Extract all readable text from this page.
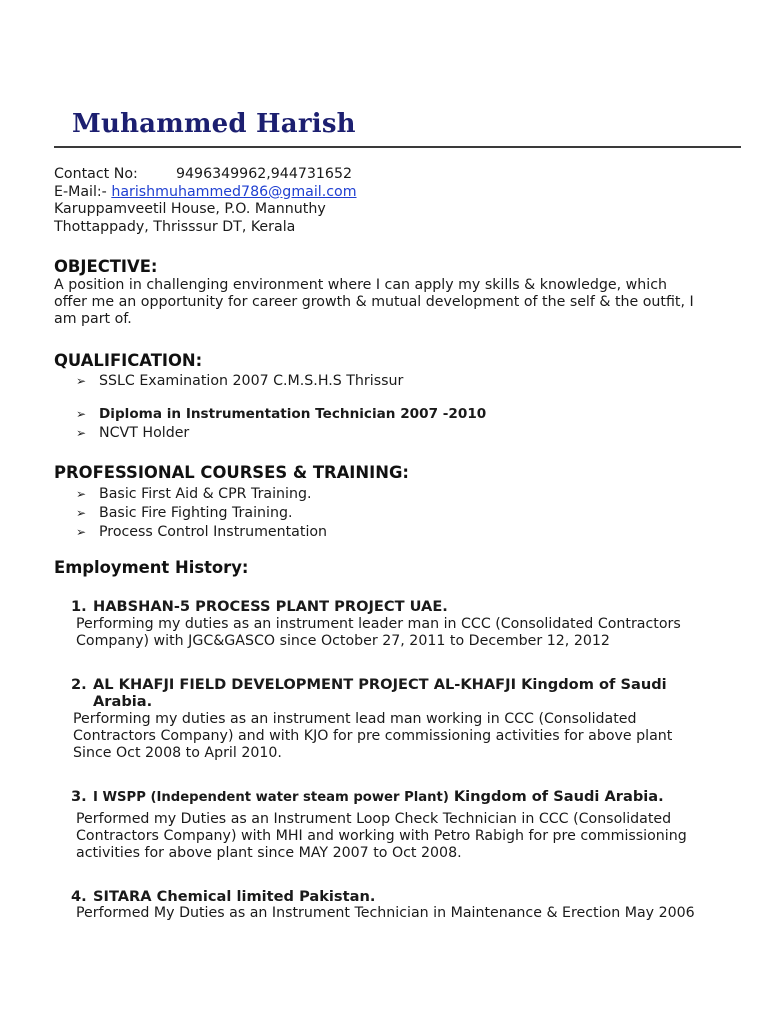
Muhammed Harish
Contact No:	9496349962,944731652
E-Mail:- harishmuhammed786@gmail.com
Karuppamveetil House, P.O. Mannuthy
Thottappady, Thrisssur DT, Kerala
OBJECTIVE:
A position in challenging environment where I can apply my skills & knowledge, which
offer me an opportunity for career growth & mutual development of the self & the outfit, I
am part of.
QUALIFICATION:
➢ SSLC Examination 2007 C.M.S.H.S Thrissur
➢ Diploma in Instrumentation Technician 2007 -2010
➢ NCVT Holder
PROFESSIONAL COURSES & TRAINING:
➢ Basic First Aid & CPR Training.
➢ Basic Fire Fighting Training.
➢ Process Control Instrumentation
Employment History:
1. HABSHAN-5 PROCESS PLANT PROJECT UAE.
Performing my duties as an instrument leader man in CCC (Consolidated Contractors
Company) with JGC&GASCO since October 27, 2011 to December 12, 2012
2. AL KHAFJI FIELD DEVELOPMENT PROJECT AL-KHAFJI Kingdom of Saudi
Arabia.
Performing my duties as an instrument lead man working in CCC (Consolidated
Contractors Company) and with KJO for pre commissioning activities for above plant
Since Oct 2008 to April 2010.
3. I WSPP (Independent water steam power Plant) Kingdom of Saudi Arabia.
Performed my Duties as an Instrument Loop Check Technician in CCC (Consolidated
Contractors Company) with MHI and working with Petro Rabigh for pre commissioning
activities for above plant since MAY 2007 to Oct 2008.
4. SITARA Chemical limited Pakistan.
Performed My Duties as an Instrument Technician in Maintenance & Erection May 2006
